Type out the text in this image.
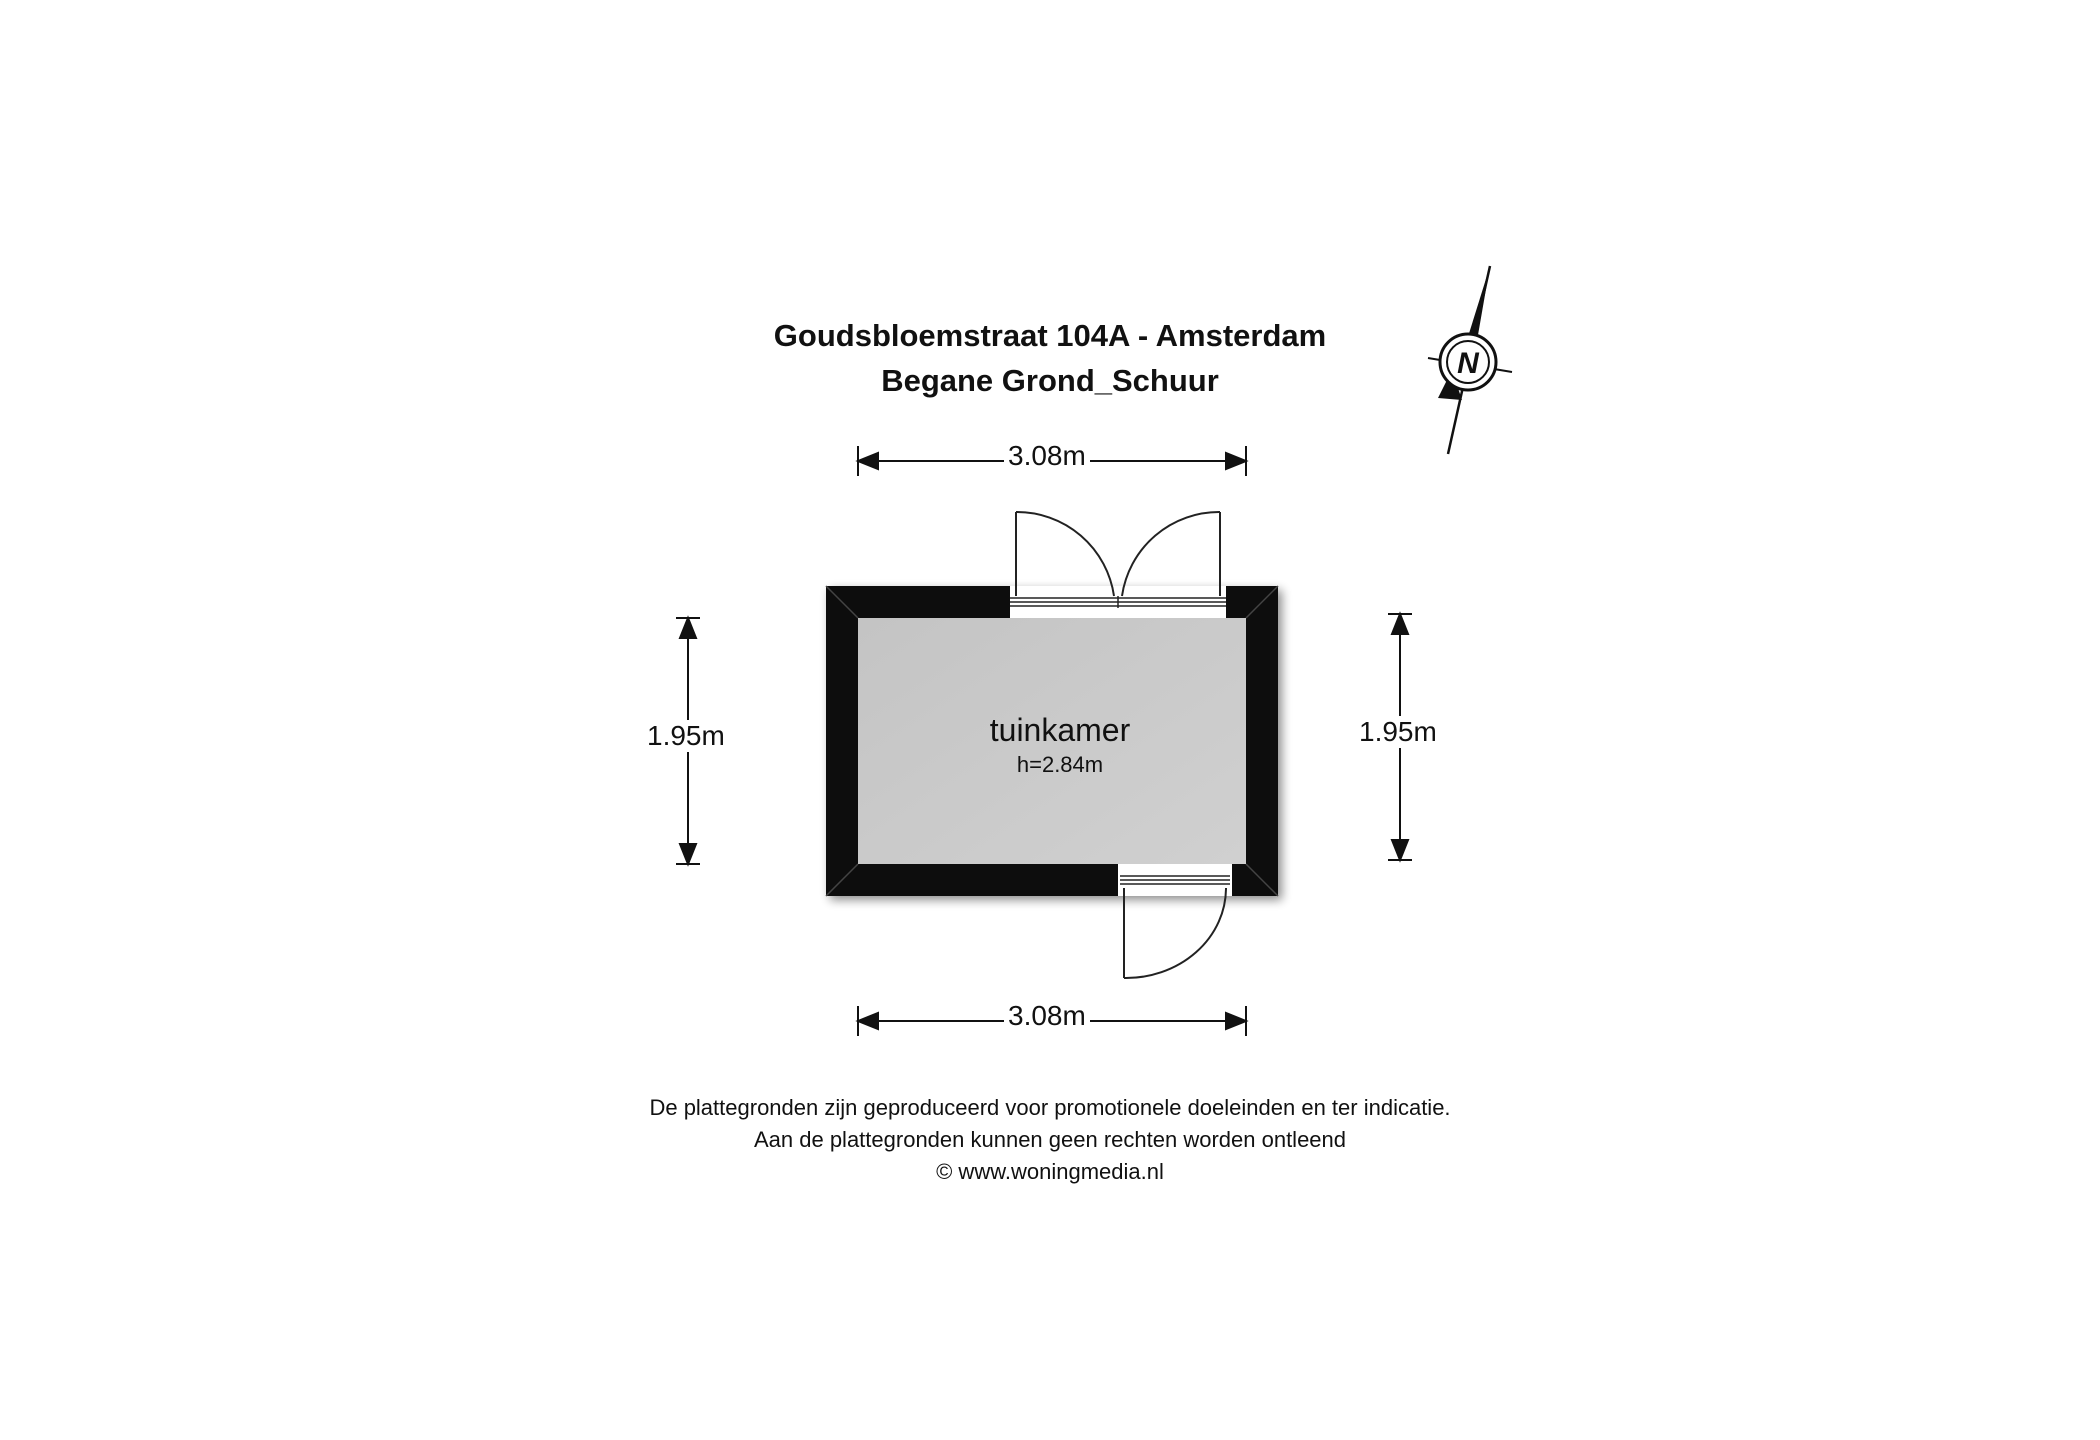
N
Goudsbloemstraat 104A - Amsterdam
Begane Grond_Schuur
3.08m
3.08m
1.95m	1.95m
tuinkamer
h=2.84m
De plattegronden zijn geproduceerd voor promotionele doeleinden en ter indicatie.
Aan de plattegronden kunnen geen rechten worden ontleend
© www.woningmedia.nl
